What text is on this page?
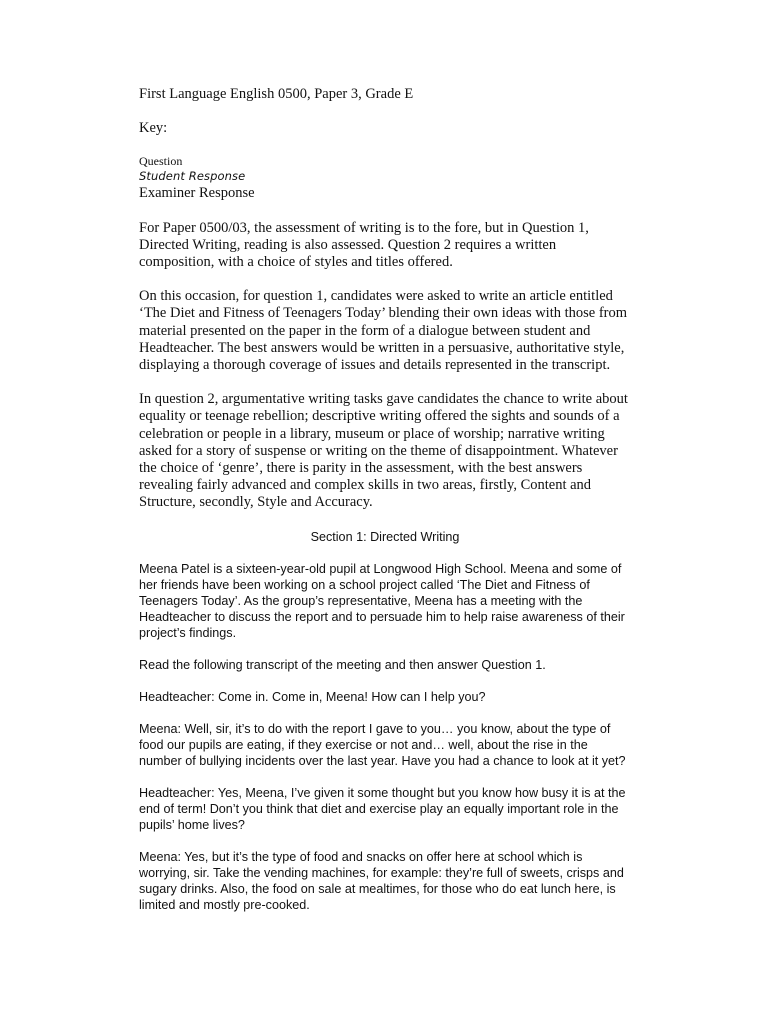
First Language English 0500, Paper 3, Grade E

Key:

Question

Student Response

Examiner Response

For Paper 0500/03, the assessment of writing is to the fore, but in Question 1, Directed Writing, reading is also assessed. Question 2 requires a written composition, with a choice of styles and titles offered.

On this occasion, for question 1, candidates were asked to write an article entitled ‘The Diet and Fitness of Teenagers Today’ blending their own ideas with those from material presented on the paper in the form of a dialogue between student and Headteacher. The best answers would be written in a persuasive, authoritative style, displaying a thorough coverage of issues and details represented in the transcript.

In question 2, argumentative writing tasks gave candidates the chance to write about equality or teenage rebellion; descriptive writing offered the sights and sounds of a celebration or people in a library, museum or place of worship; narrative writing asked for a story of suspense or writing on the theme of disappointment. Whatever the choice of ‘genre’, there is parity in the assessment, with the best answers revealing fairly advanced and complex skills in two areas, firstly, Content and Structure, secondly, Style and Accuracy.

Section 1: Directed Writing

Meena Patel is a sixteen-year-old pupil at Longwood High School. Meena and some of her friends have been working on a school project called ‘The Diet and Fitness of Teenagers Today’. As the group’s representative, Meena has a meeting with the Headteacher to discuss the report and to persuade him to help raise awareness of their project’s findings.

Read the following transcript of the meeting and then answer Question 1.

Headteacher: Come in. Come in, Meena! How can I help you?

Meena: Well, sir, it’s to do with the report I gave to you… you know, about the type of food our pupils are eating, if they exercise or not and… well, about the rise in the number of bullying incidents over the last year. Have you had a chance to look at it yet?

Headteacher: Yes, Meena, I’ve given it some thought but you know how busy it is at the end of term! Don’t you think that diet and exercise play an equally important role in the pupils’ home lives?

Meena: Yes, but it’s the type of food and snacks on offer here at school which is worrying, sir. Take the vending machines, for example: they’re full of sweets, crisps and sugary drinks. Also, the food on sale at mealtimes, for those who do eat lunch here, is limited and mostly pre-cooked.
